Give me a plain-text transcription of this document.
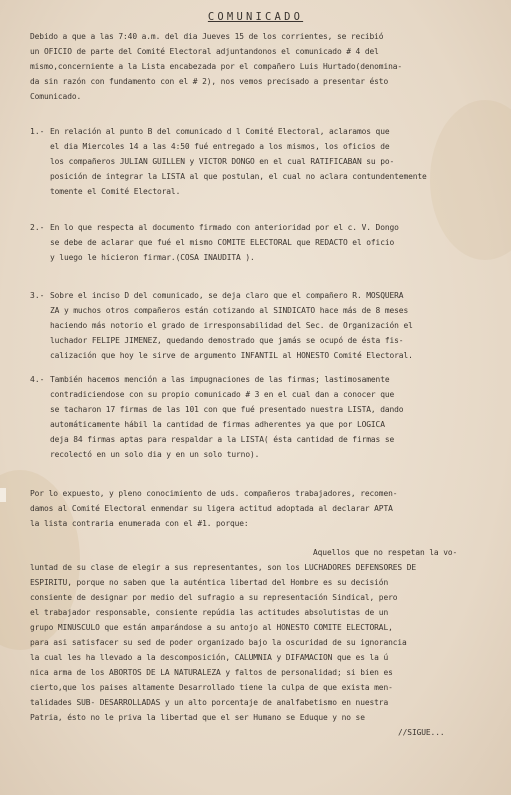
COMUNICADO
Debido a que a las 7:40 a.m. del dia Jueves 15 de los corrientes, se recibió
un OFICIO de parte del Comité Electoral adjuntandonos el comunicado # 4 del
mismo,concerniente a la Lista encabezada por el compañero Luis Hurtado(denomina-
da sin razón con fundamento con el # 2), nos vemos precisado a presentar ésto
Comunicado.
1.- En relación al punto B del comunicado d l Comité Electoral, aclaramos que
el dia Miercoles 14 a las 4:50 fué entregado a los mismos, los oficios de
los compañeros JULIAN GUILLEN y VICTOR DONGO en el cual RATIFICABAN su po-
posición de integrar la LISTA al que postulan, el cual no aclara contundentemente
tomente el Comité Electoral.
2.- En lo que respecta al documento firmado con anterioridad por el c. V. Dongo
se debe de aclarar que fué el mismo COMITE ELECTORAL que REDACTO el oficio
y luego le hicieron firmar.(COSA INAUDITA ).
3.- Sobre el inciso D del comunicado, se deja claro que el compañero R. MOSQUERA
ZA y muchos otros compañeros están cotizando al SINDICATO hace más de 8 meses
haciendo más notorio el grado de irresponsabilidad del Sec. de Organización el
luchador FELIPE JIMENEZ, quedando demostrado que jamás se ocupó de ésta fis-
calización que hoy le sirve de argumento INFANTIL al HONESTO Comité Electoral.
4.- También hacemos mención a las impugnaciones de las firmas; lastimosamente
contradiciendose con su propio comunicado # 3 en el cual dan a conocer que
se tacharon 17 firmas de las 101 con que fué presentado nuestra LISTA, dando
automáticamente hábil la cantidad de firmas adherentes ya que por LOGICA
deja 84 firmas aptas para respaldar a la LISTA( ésta cantidad de firmas se
recolectó en un solo dia y en un solo turno).
Por lo expuesto, y pleno conocimiento de uds. compañeros trabajadores, recomen-
damos al Comité Electoral enmendar su ligera actitud adoptada al declarar APTA
la lista contraria enumerada con el #1. porque:
Aquellos que no respetan la vo-
luntad de su clase de elegir a sus representantes, son los LUCHADORES DEFENSORES DE
ESPIRITU, porque no saben que la auténtica libertad del Hombre es su decisión
consiente de designar por medio del sufragio a su representación Sindical, pero
el trabajador responsable, consiente repúdia las actitudes absolutistas de un
grupo MINUSCULO que están amparándose a su antojo al HONESTO COMITE ELECTORAL,
para asi satisfacer su sed de poder organizado bajo la oscuridad de su ignorancia
la cual les ha llevado a la descomposición, CALUMNIA y DIFAMACION que es la ú
nica arma de los ABORTOS DE LA NATURALEZA y faltos de personalidad; si bien es
cierto,que los paises altamente Desarrollado tiene la culpa de que exista men-
talidades SUB- DESARROLLADAS y un alto porcentaje de analfabetismo en nuestra
Patria, ésto no le priva la libertad que el ser Humano se Eduque y no se
//SIGUE...
